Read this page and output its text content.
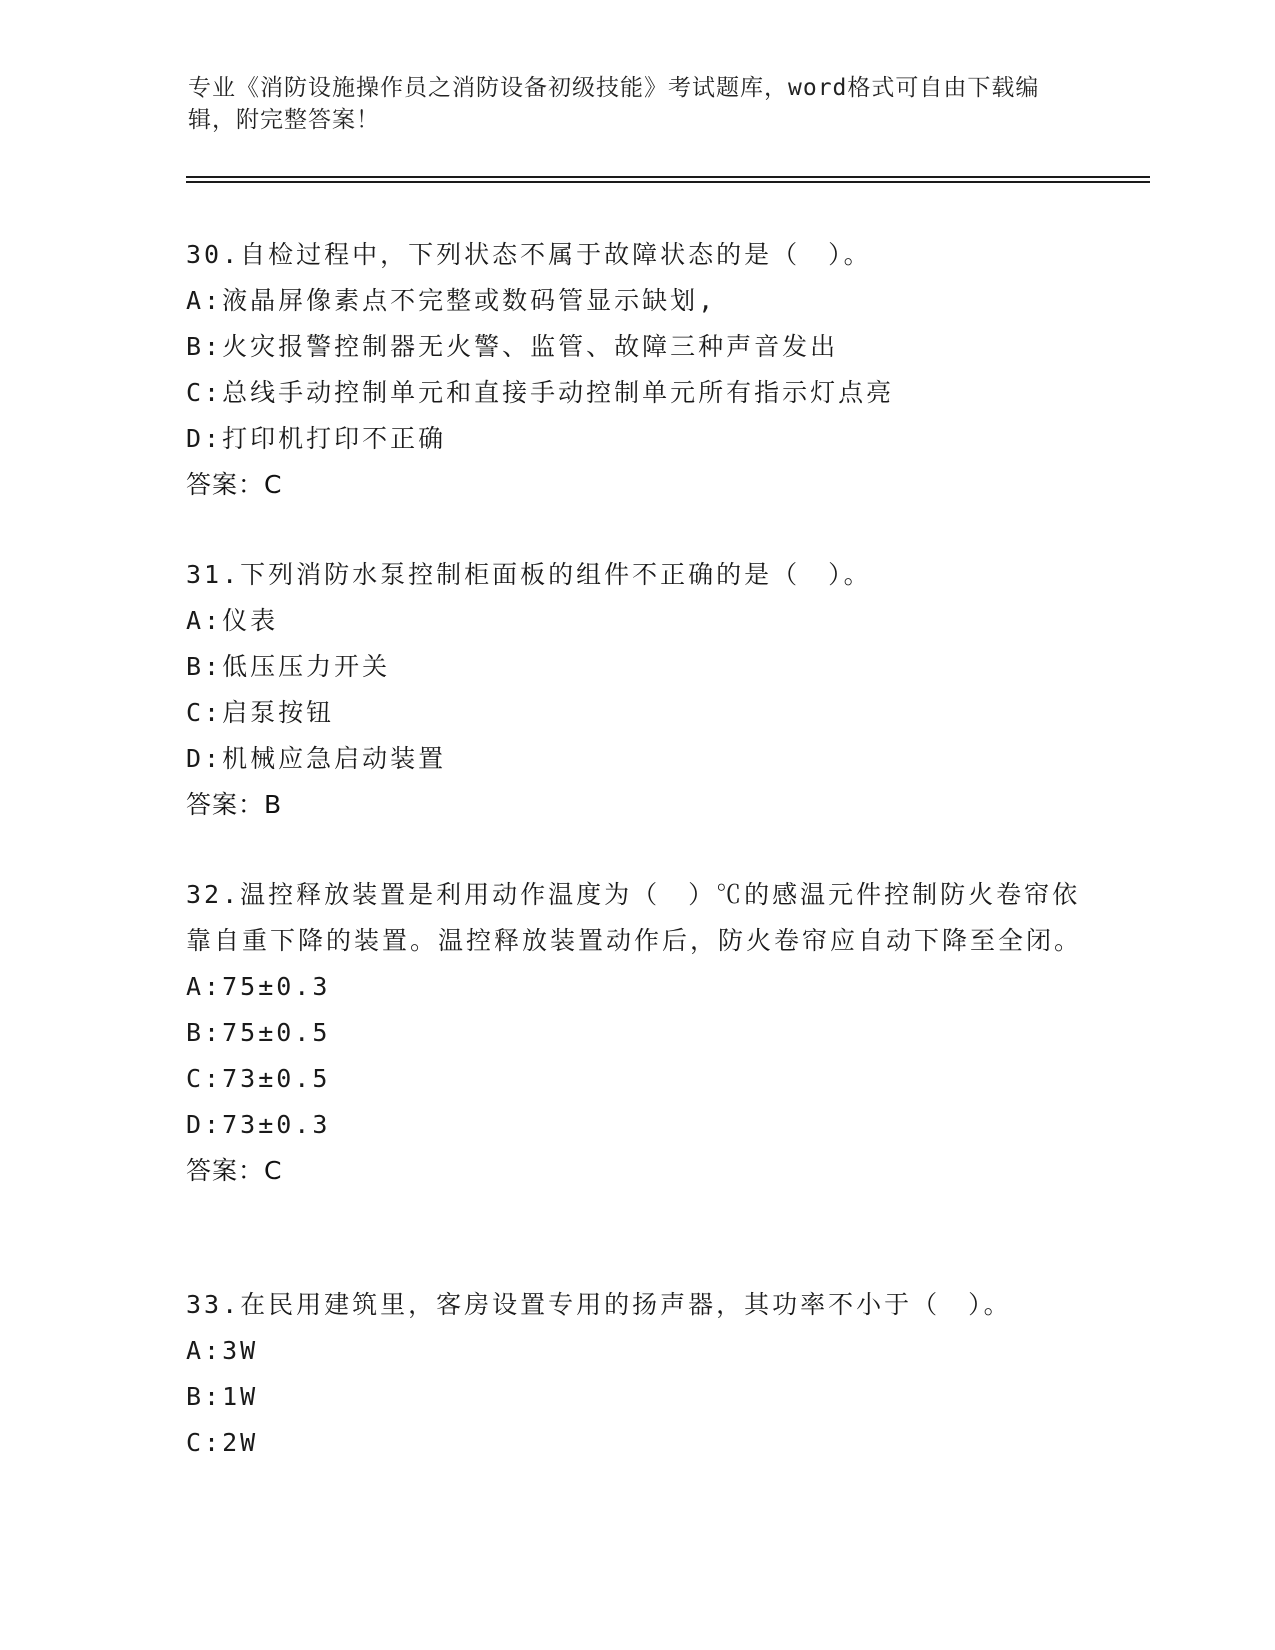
专业《消防设施操作员之消防设备初级技能》考试题库，word格式可自由下载编辑，附完整答案！
30.自检过程中，下列状态不属于故障状态的是（　）。
A:液晶屏像素点不完整或数码管显示缺划,
B:火灾报警控制器无火警、监管、故障三种声音发出
C:总线手动控制单元和直接手动控制单元所有指示灯点亮
D:打印机打印不正确
答案：C
31.下列消防水泵控制柜面板的组件不正确的是（　）。
A:仪表
B:低压压力开关
C:启泵按钮
D:机械应急启动装置
答案：B
32.温控释放装置是利用动作温度为（　）℃的感温元件控制防火卷帘依靠自重下降的装置。温控释放装置动作后，防火卷帘应自动下降至全闭。
A:75±0.3
B:75±0.5
C:73±0.5
D:73±0.3
答案：C
33.在民用建筑里，客房设置专用的扬声器，其功率不小于（　）。
A:3W
B:1W
C:2W
